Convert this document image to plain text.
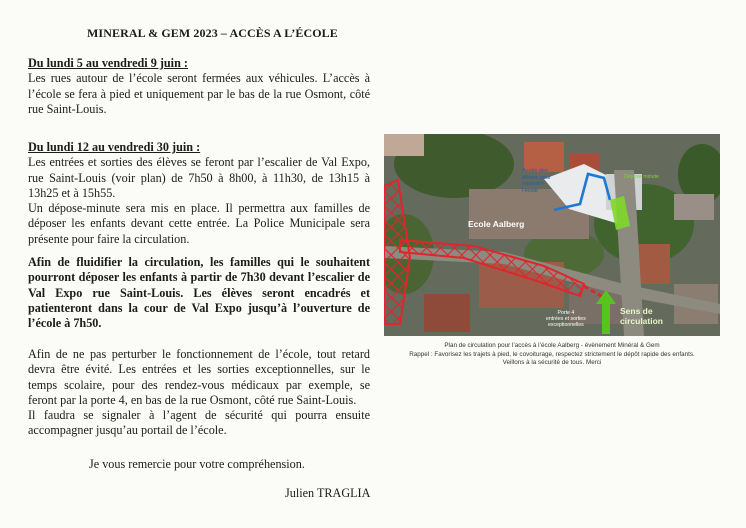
MINERAL & GEM 2023 – ACCÈS A L’ÉCOLE

Du lundi 5 au vendredi 9 juin :

Les rues autour de l’école seront fermées aux véhicules. L’accès à l’école se fera à pied et uniquement par le bas de la rue Osmont, côté rue Saint-Louis.

Du lundi 12 au vendredi 30 juin :

Les entrées et sorties des élèves se feront par l’escalier de Val Expo, rue Saint-Louis (voir plan) de 7h50 à 8h00, à 11h30, de 13h15 à 13h25 et à 15h55.

Un dépose-minute sera mis en place. Il permettra aux familles de déposer les enfants devant cette entrée. La Police Municipale sera présente pour faire la circulation.

Afin de fluidifier la circulation, les familles qui le souhaitent pourront déposer les enfants à partir de 7h30 devant l’escalier de Val Expo rue Saint-Louis. Les élèves seront encadrés et patienteront dans la cour de Val Expo jusqu’à l’ouverture de l’école à 7h50.

Afin de ne pas perturber le fonctionnement de l’école, tout retard devra être évité. Les entrées et les sorties exceptionnelles, sur le temps scolaire, pour des rendez-vous médicaux par exemple, se feront par la porte 4, en bas de la rue Osmont, côté rue Saint-Louis.

Il faudra se signaler à l’agent de sécurité qui pourra ensuite accompagner jusqu’au portail de l’école.

Je vous remercie pour votre compréhension.
Julien TRAGLIA
Ecole Aalberg
Accès des
élèves pour
rejoindre
l’école
Dépose minute
Porte 4
entrées et sorties
exceptionnelles
Sens de
circulation
Plan de circulation pour l’accès à l’école Aalberg - évènement Minéral & Gem
Rappel : Favorisez les trajets à pied, le covoiturage, respectez strictement le dépôt rapide des enfants.
Veillons à la sécurité de tous. Merci
